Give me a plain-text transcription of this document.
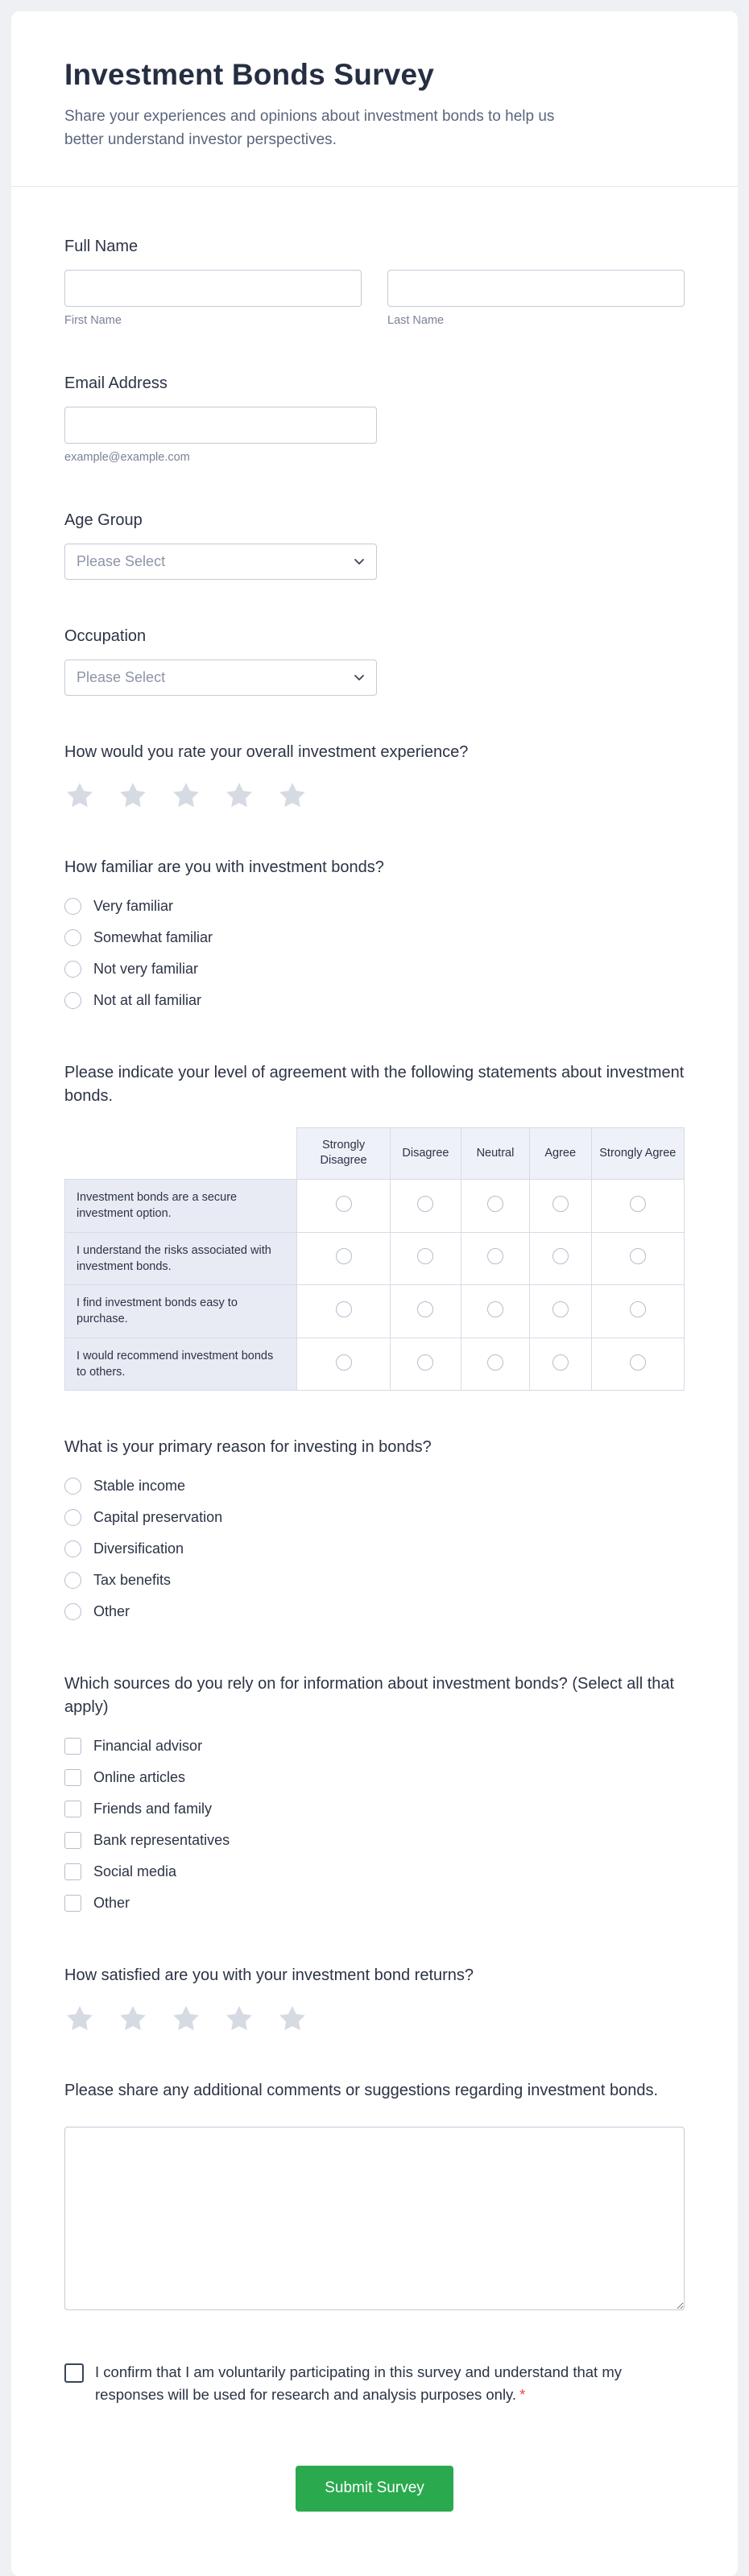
Investment Bonds Survey
Share your experiences and opinions about investment bonds to help us better understand investor perspectives.
Full Name
First Name	Last Name
Email Address
example@example.com
Age Group
Please Select
Occupation
Please Select
How would you rate your overall investment experience?
How familiar are you with investment bonds?
Very familiar
Somewhat familiar
Not very familiar
Not at all familiar
Please indicate your level of agreement with the following statements about investment bonds.
	Strongly Disagree	Disagree	Neutral	Agree	Strongly Agree
Investment bonds are a secure investment option.					
I understand the risks associated with investment bonds.					
I find investment bonds easy to purchase.					
I would recommend investment bonds to others.					
What is your primary reason for investing in bonds?
Stable income
Capital preservation
Diversification
Tax benefits
Other
Which sources do you rely on for information about investment bonds? (Select all that apply)
Financial advisor
Online articles
Friends and family
Bank representatives
Social media
Other
How satisfied are you with your investment bond returns?
Please share any additional comments or suggestions regarding investment bonds.
I confirm that I am voluntarily participating in this survey and understand that my responses will be used for research and analysis purposes only. *
Submit Survey
